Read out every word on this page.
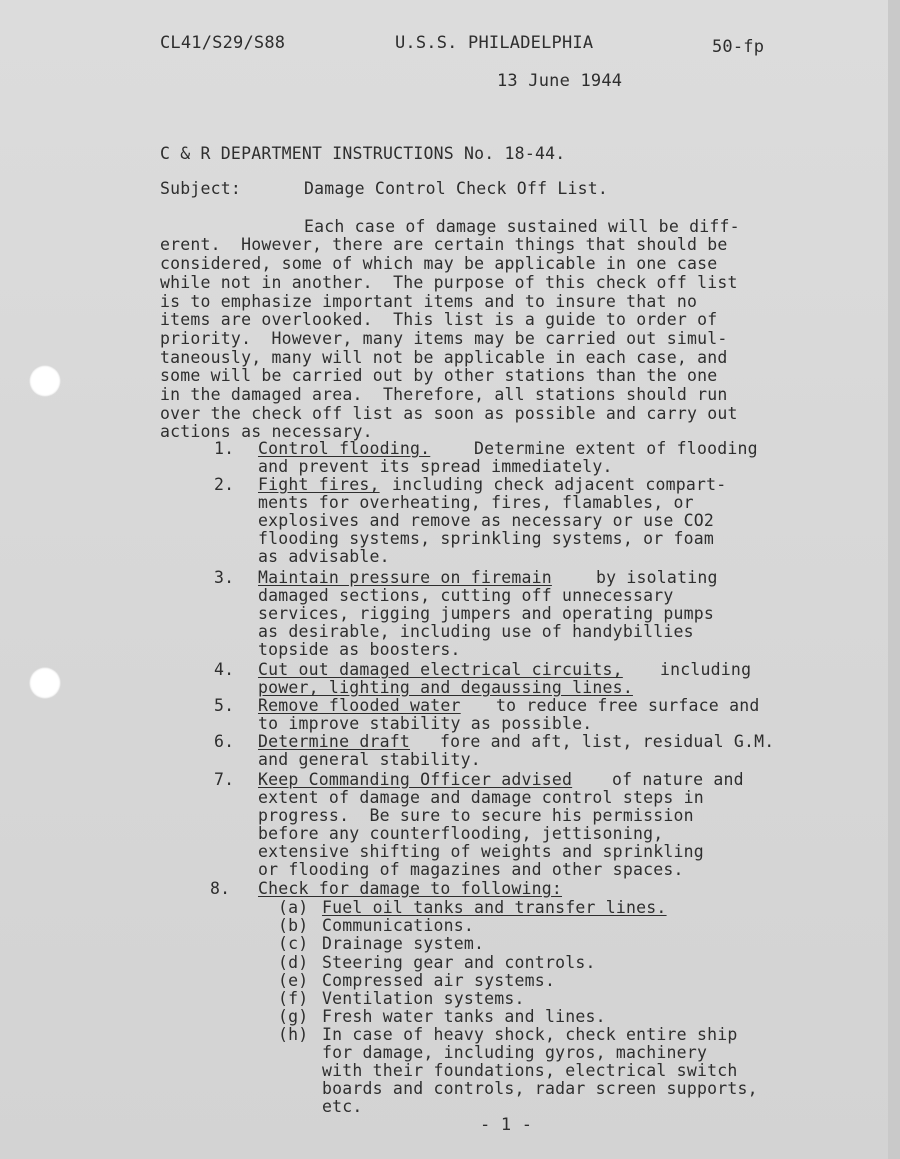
CL41/S29/S88	U.S.S. PHILADELPHIA	50-fp
13 June 1944
C & R DEPARTMENT INSTRUCTIONS No. 18-44.
Subject:	Damage Control Check Off List.
Each case of damage sustained will be diff-
erent.  However, there are certain things that should be
considered, some of which may be applicable in one case
while not in another.  The purpose of this check off list
is to emphasize important items and to insure that no
items are overlooked.  This list is a guide to order of
priority.  However, many items may be carried out simul-
taneously, many will not be applicable in each case, and
some will be carried out by other stations than the one
in the damaged area.  Therefore, all stations should run
over the check off list as soon as possible and carry out
actions as necessary.
1. Control flooding.	Determine extent of flooding
and prevent its spread immediately.
2. Fight fires, including check adjacent compart-
ments for overheating, fires, flamables, or
explosives and remove as necessary or use CO2
flooding systems, sprinkling systems, or foam
as advisable.
3. Maintain pressure on firemain	by isolating
damaged sections, cutting off unnecessary
services, rigging jumpers and operating pumps
as desirable, including use of handybillies
topside as boosters.
4. Cut out damaged electrical circuits, including
power, lighting and degaussing lines.
5. Remove flooded water to reduce free surface and
to improve stability as possible.
6. Determine draft fore and aft, list, residual G.M.
and general stability.
7. Keep Commanding Officer advised of nature and
extent of damage and damage control steps in
progress.  Be sure to secure his permission
before any counterflooding, jettisoning,
extensive shifting of weights and sprinkling
or flooding of magazines and other spaces.
8. Check for damage to following:
(a) Fuel oil tanks and transfer lines.
(b) Communications.
(c) Drainage system.
(d) Steering gear and controls.
(e) Compressed air systems.
(f) Ventilation systems.
(g) Fresh water tanks and lines.
(h) In case of heavy shock, check entire ship
for damage, including gyros, machinery
with their foundations, electrical switch
boards and controls, radar screen supports,
etc.
- 1 -
